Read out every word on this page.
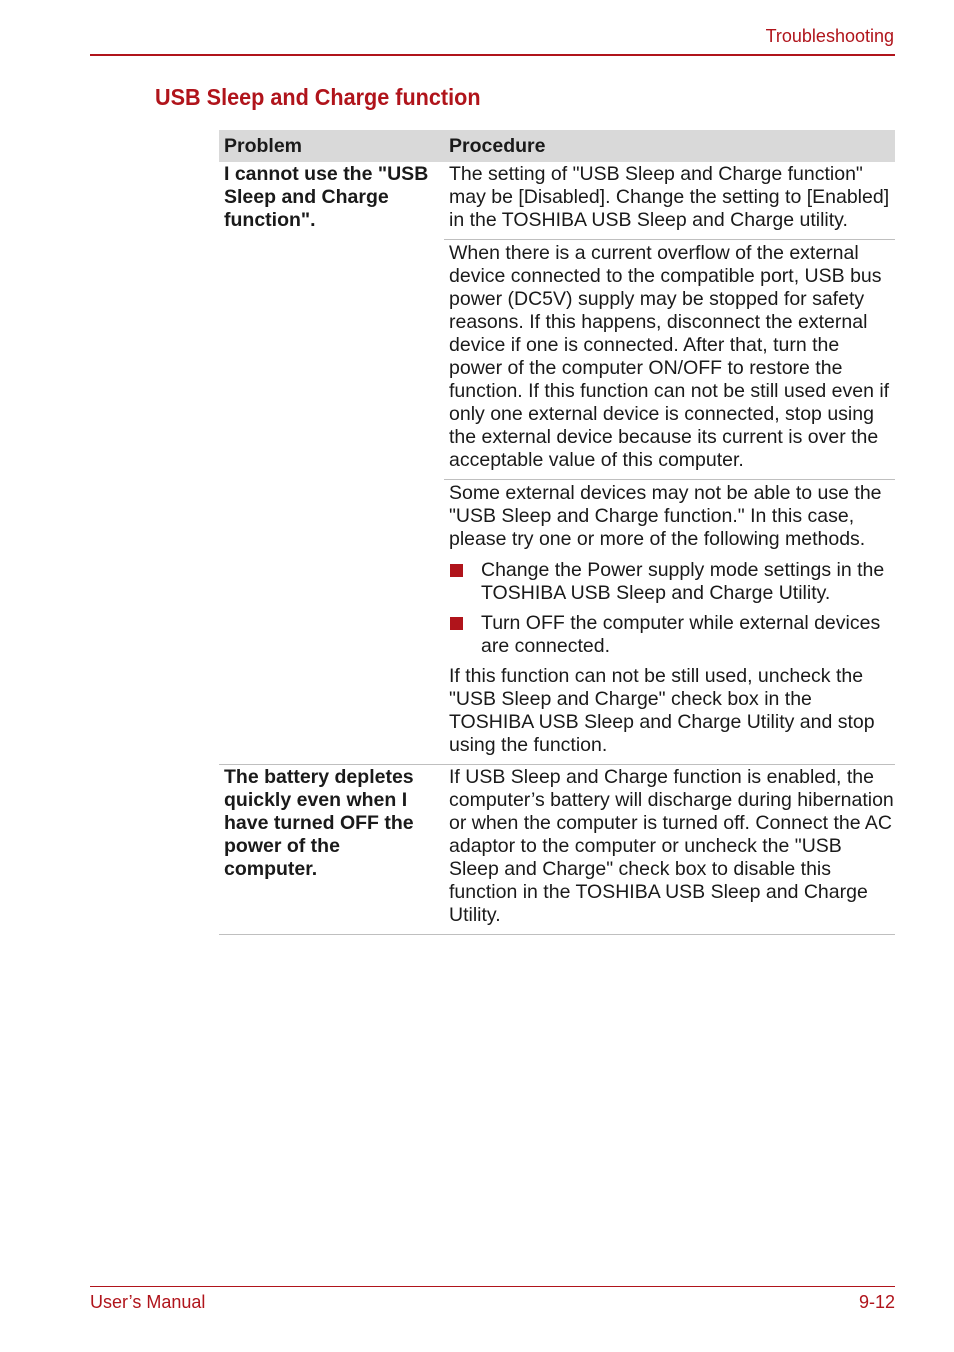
Troubleshooting
USB Sleep and Charge function
Problem	Procedure
I cannot use the "USB Sleep and Charge function".

The setting of "USB Sleep and Charge function" may be [Disabled]. Change the setting to [Enabled] in the TOSHIBA USB Sleep and Charge utility.

When there is a current overflow of the external device connected to the compatible port, USB bus power (DC5V) supply may be stopped for safety reasons. If this happens, disconnect the external device if one is connected. After that, turn the power of the computer ON/OFF to restore the function. If this function can not be still used even if only one external device is connected, stop using the external device because its current is over the acceptable value of this computer.

Some external devices may not be able to use the "USB Sleep and Charge function." In this case, please try one or more of the following methods.

Change the Power supply mode settings in the TOSHIBA USB Sleep and Charge Utility.
Turn OFF the computer while external devices are connected.

If this function can not be still used, uncheck the "USB Sleep and Charge" check box in the TOSHIBA USB Sleep and Charge Utility and stop using the function.

The battery depletes quickly even when I have turned OFF the power of the computer.

If USB Sleep and Charge function is enabled, the computer’s battery will discharge during hibernation or when the computer is turned off. Connect the AC adaptor to the computer or uncheck the "USB Sleep and Charge" check box to disable this function in the TOSHIBA USB Sleep and Charge Utility.

User’s Manual	9-12
